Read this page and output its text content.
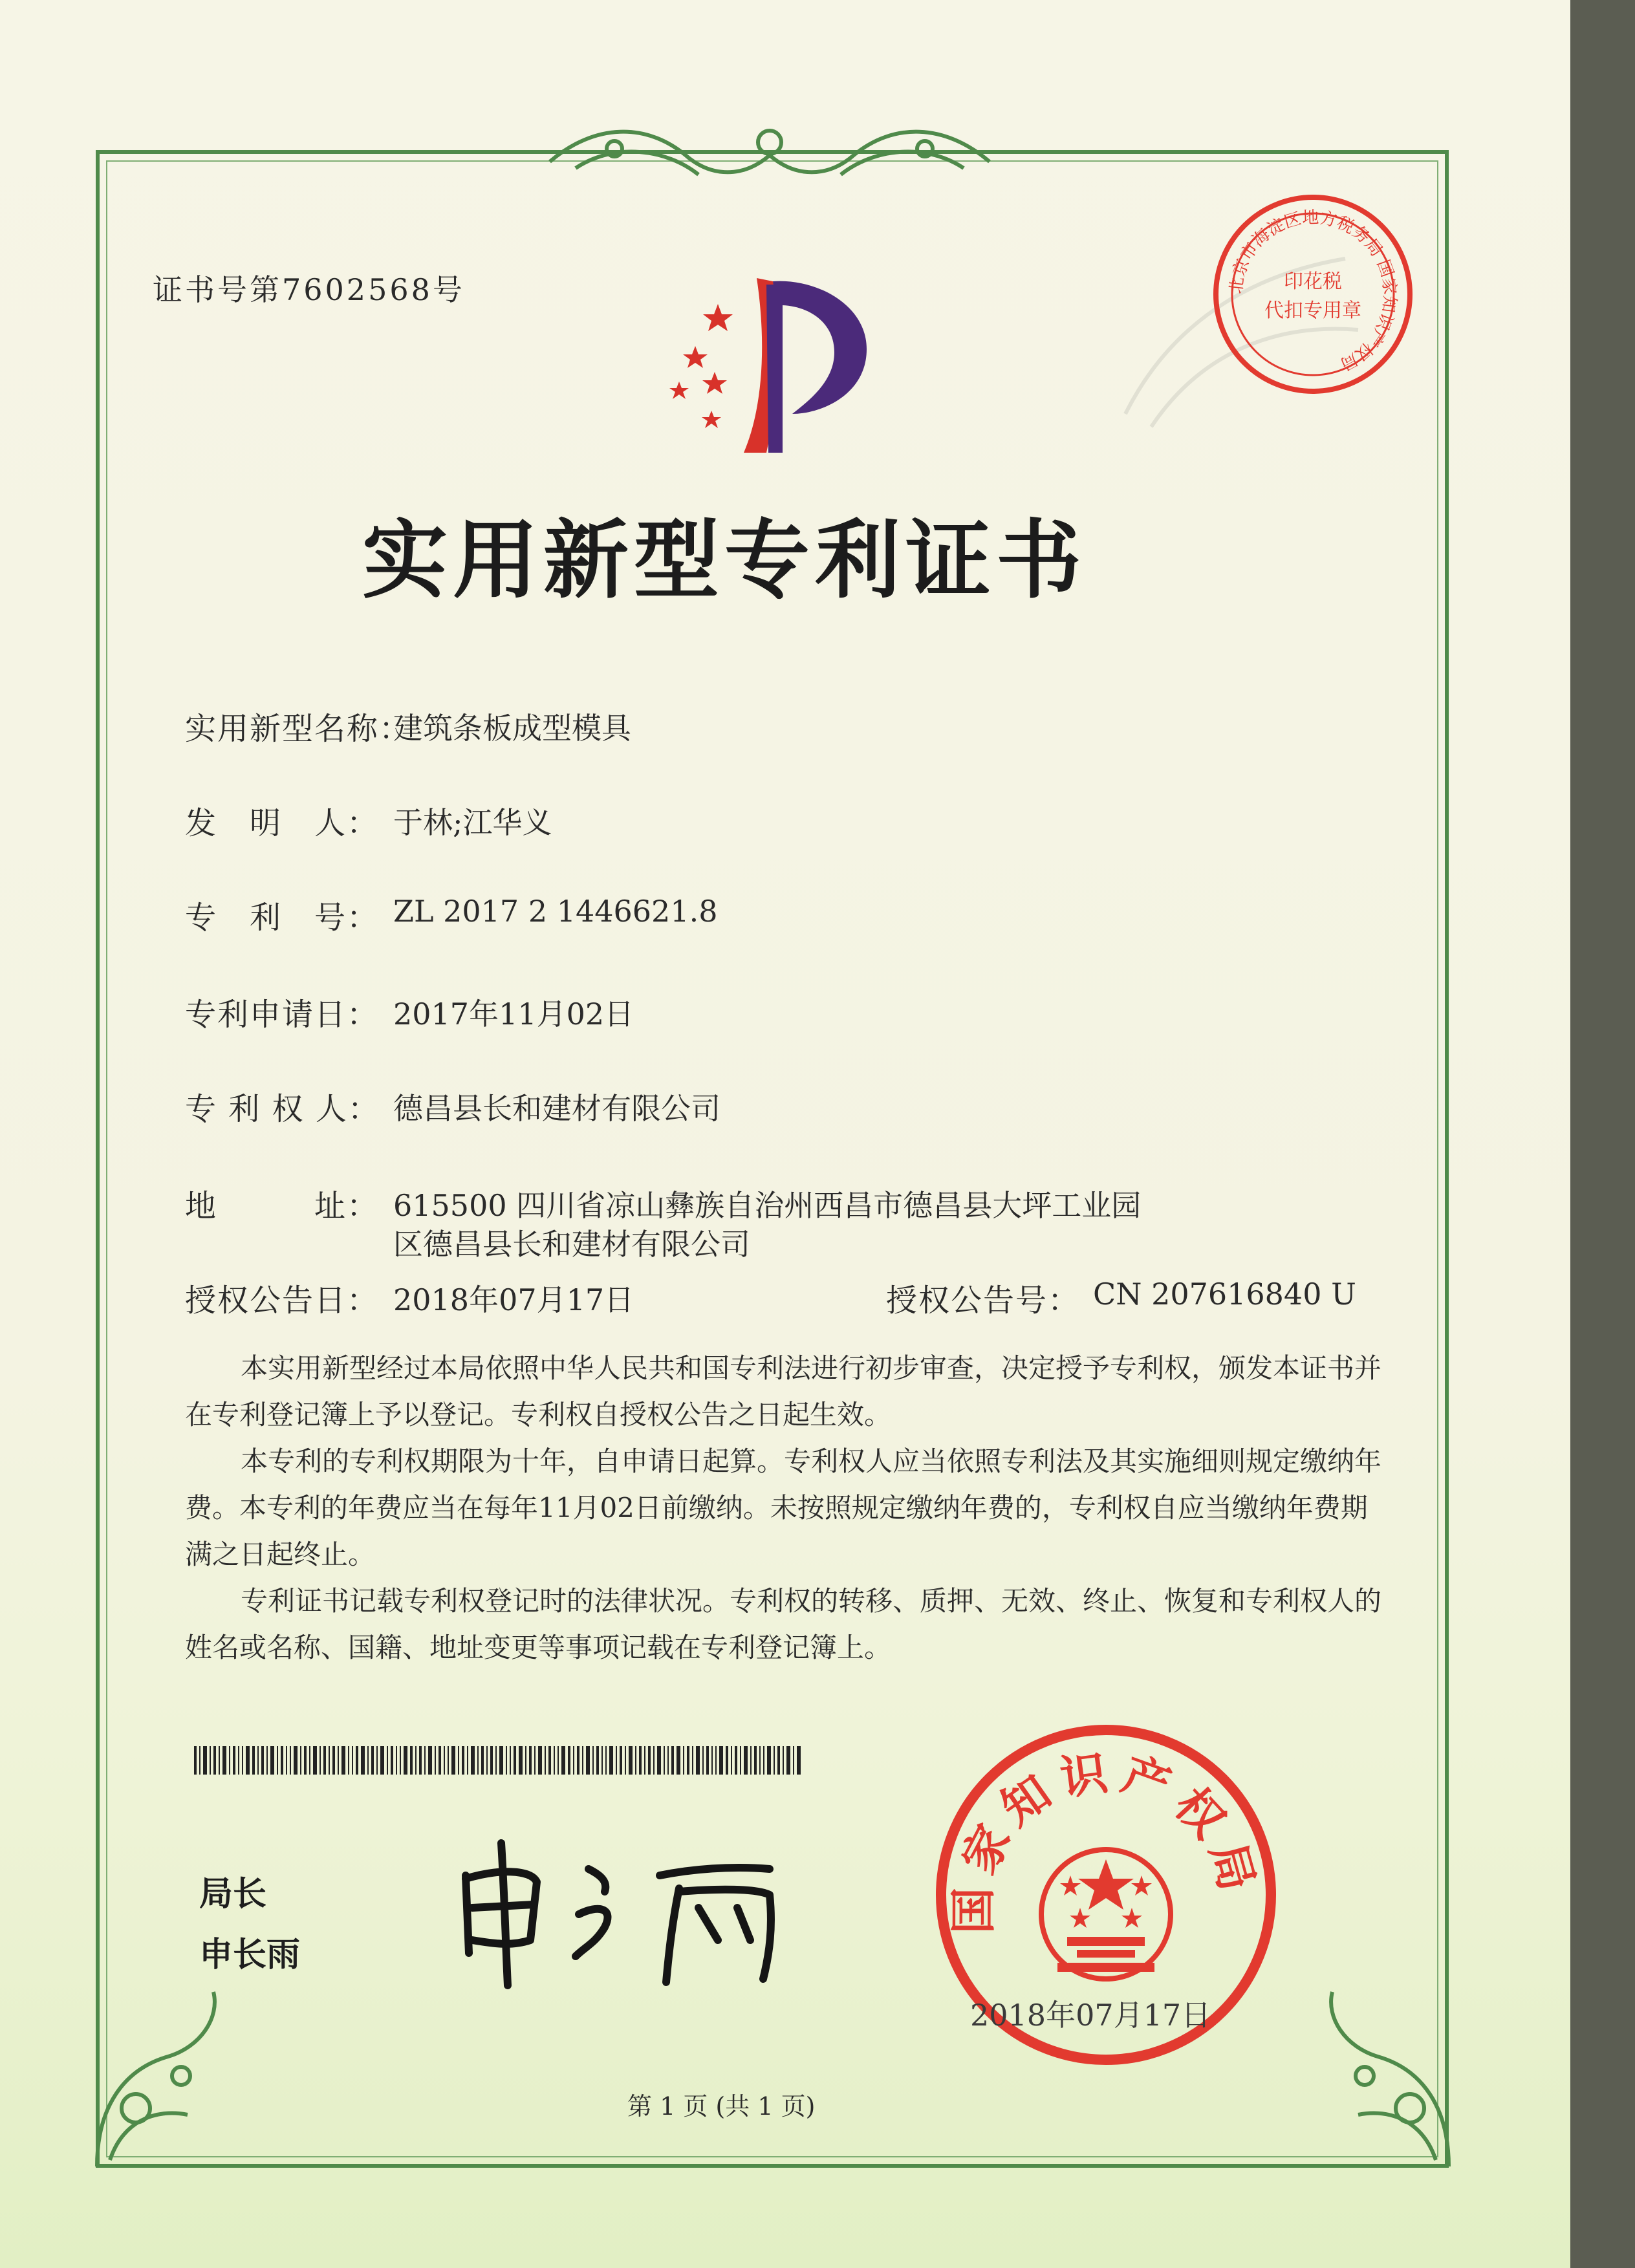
证书号第7602568号	北京市海淀区地方税务局 国家知识产权局
印花税
代扣专用章
实用新型专利证书
实用新型名称：
建筑条板成型模具
发　明　人： 于林;江华义
专　利　号： ZL 2017 2 1446621.8
专利申请日： 2017年11月02日
专 利 权 人： 德昌县长和建材有限公司
地　　　址： 615500 四川省凉山彝族自治州西昌市德昌县大坪工业园
区德昌县长和建材有限公司
授权公告日： 2018年07月17日	授权公告号： CN 207616840 U
本实用新型经过本局依照中华人民共和国专利法进行初步审查，决定授予专利权，颁发本证书并在专利登记簿上予以登记。专利权自授权公告之日起生效。
本专利的专利权期限为十年，自申请日起算。专利权人应当依照专利法及其实施细则规定缴纳年费。本专利的年费应当在每年11月02日前缴纳。未按照规定缴纳年费的，专利权自应当缴纳年费期满之日起终止。
专利证书记载专利权登记时的法律状况。专利权的转移、质押、无效、终止、恢复和专利权人的姓名或名称、国籍、地址变更等事项记载在专利登记簿上。
局长
申长雨
国家知识产权局
2018年07月17日
第 1 页 (共 1 页)
